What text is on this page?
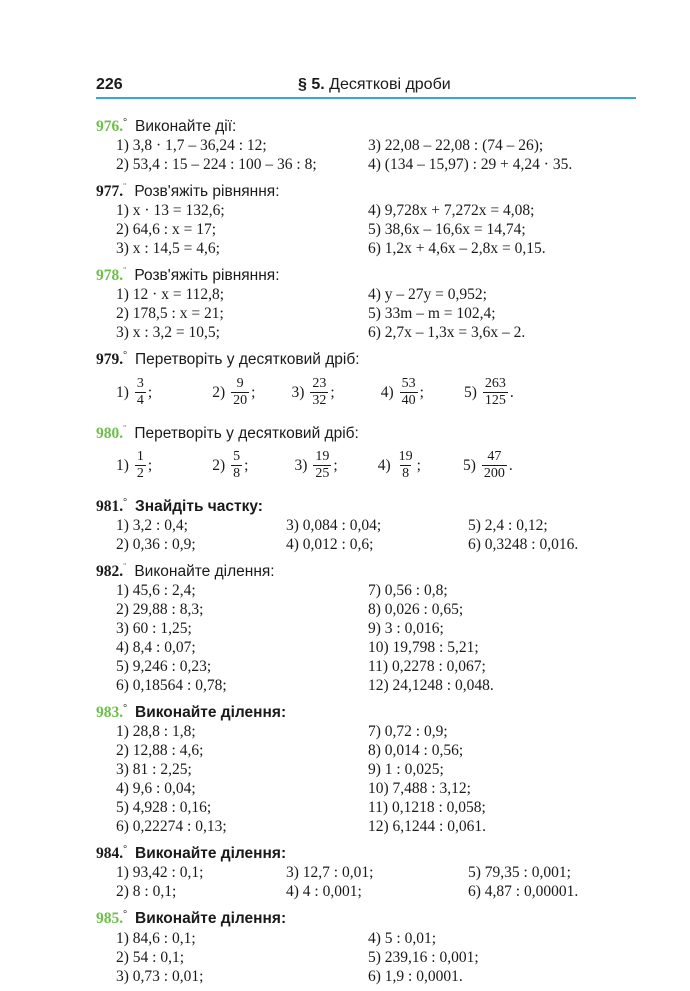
226	§ 5. Десяткові дроби
976.° Виконайте дії:
1) 3,8 · 1,7 – 36,24 : 12;	3) 22,08 – 22,08 : (74 – 26);
2) 53,4 : 15 – 224 : 100 – 36 : 8;	4) (134 – 15,97) : 29 + 4,24 · 35.
977.¨ Розв'яжіть рівняння:
1) x · 13 = 132,6;	4) 9,728x + 7,272x = 4,08;
2) 64,6 : x = 17;	5) 38,6x – 16,6x = 14,74;
3) x : 14,5 = 4,6;	6) 1,2x + 4,6x – 2,8x = 0,15.
978.¨ Розв'яжіть рівняння:
1) 12 · x = 112,8;	4) y – 27y = 0,952;
2) 178,5 : x = 21;	5) 33m – m = 102,4;
3) x : 3,2 = 10,5;	6) 2,7x – 1,3x = 3,6x – 2.
979.° Перетворіть у десятковий дріб:
$1) \frac{3}{4}$ ;	$2) \frac{9}{20}$ ; $3) \frac{23}{32}$ ;	$4) \frac{53}{40}$ ;	$5) \frac{263}{125}$ .
980.¨ Перетворіть у десятковий дріб:
$1) \frac{1}{2}$ ;	$2) \frac{5}{8}$ ;	$3) \frac{19}{25}$ ;	$4) \frac{19}{8}$ ;	$5) \frac{47}{200}$ .
981.° Знайдіть частку:
1) 3,2 : 0,4;	3) 0,084 : 0,04;	5) 2,4 : 0,12;
2) 0,36 : 0,9;	4) 0,012 : 0,6;	6) 0,3248 : 0,016.
982.¨ Виконайте ділення:
1) 45,6 : 2,4;	7) 0,56 : 0,8;
2) 29,88 : 8,3;	8) 0,026 : 0,65;
3) 60 : 1,25;	9) 3 : 0,016;
4) 8,4 : 0,07;	10) 19,798 : 5,21;
5) 9,246 : 0,23;	11) 0,2278 : 0,067;
6) 0,18564 : 0,78;	12) 24,1248 : 0,048.
983.° Виконайте ділення:
1) 28,8 : 1,8;	7) 0,72 : 0,9;
2) 12,88 : 4,6;	8) 0,014 : 0,56;
3) 81 : 2,25;	9) 1 : 0,025;
4) 9,6 : 0,04;	10) 7,488 : 3,12;
5) 4,928 : 0,16;	11) 0,1218 : 0,058;
6) 0,22274 : 0,13;	12) 6,1244 : 0,061.
984.° Виконайте ділення:
1) 93,42 : 0,1;	3) 12,7 : 0,01;	5) 79,35 : 0,001;
2) 8 : 0,1;	4) 4 : 0,001;	6) 4,87 : 0,00001.
985.° Виконайте ділення:
1) 84,6 : 0,1;	4) 5 : 0,01;
2) 54 : 0,1;	5) 239,16 : 0,001;
3) 0,73 : 0,01;	6) 1,9 : 0,0001.
